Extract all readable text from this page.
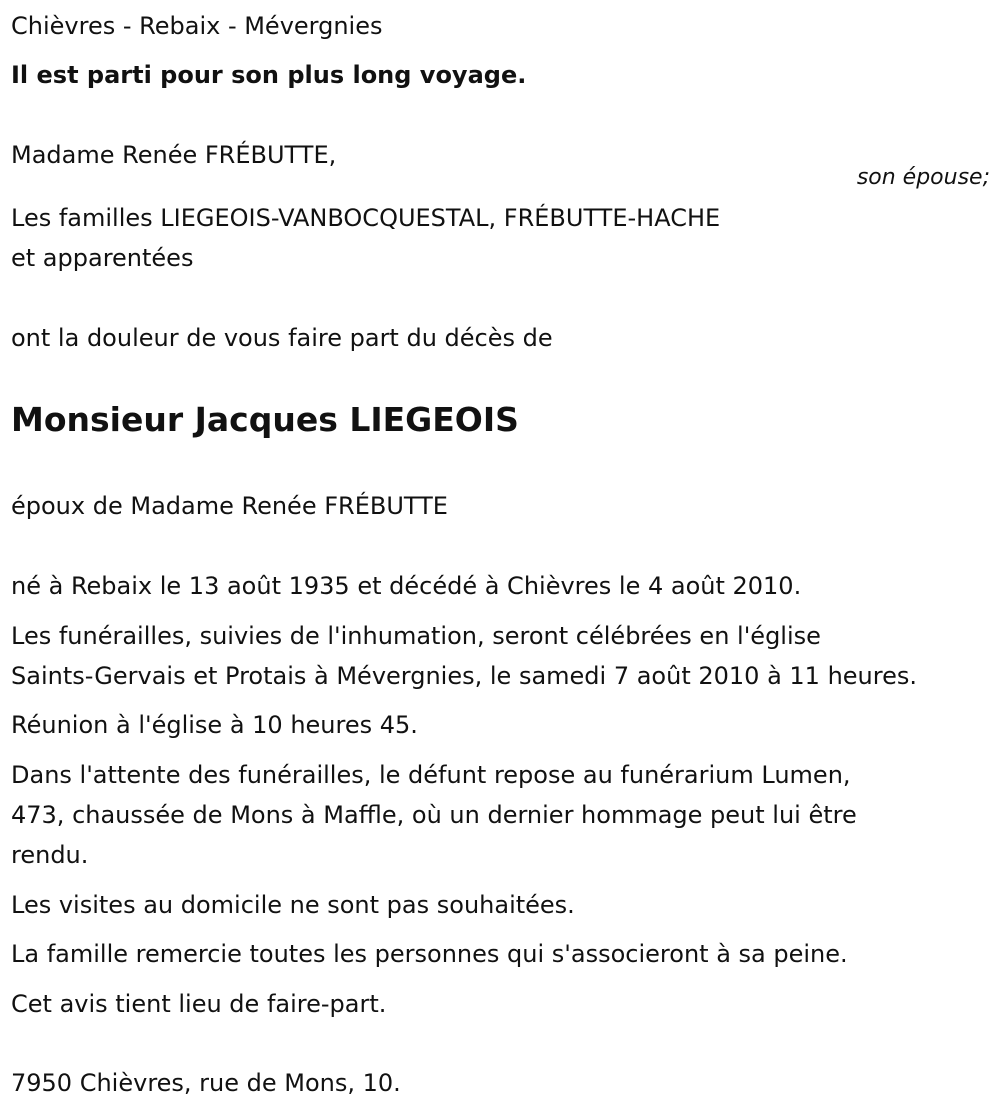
Chièvres - Rebaix - Mévergnies

Il est parti pour son plus long voyage.

Madame Renée FRÉBUTTE,

son épouse;

Les familles LIEGEOIS-VANBOCQUESTAL, FRÉBUTTE-HACHE

et apparentées

ont la douleur de vous faire part du décès de

Monsieur Jacques LIEGEOIS

époux de Madame Renée FRÉBUTTE

né à Rebaix le 13 août 1935 et décédé à Chièvres le 4 août 2010.

Les funérailles, suivies de l'inhumation, seront célébrées en l'église

Saints-Gervais et Protais à Mévergnies, le samedi 7 août 2010 à 11 heures.

Réunion à l'église à 10 heures 45.

Dans l'attente des funérailles, le défunt repose au funérarium Lumen,

473, chaussée de Mons à Maffle, où un dernier hommage peut lui être

rendu.

Les visites au domicile ne sont pas souhaitées.

La famille remercie toutes les personnes qui s'associeront à sa peine.

Cet avis tient lieu de faire-part.

7950 Chièvres, rue de Mons, 10.
